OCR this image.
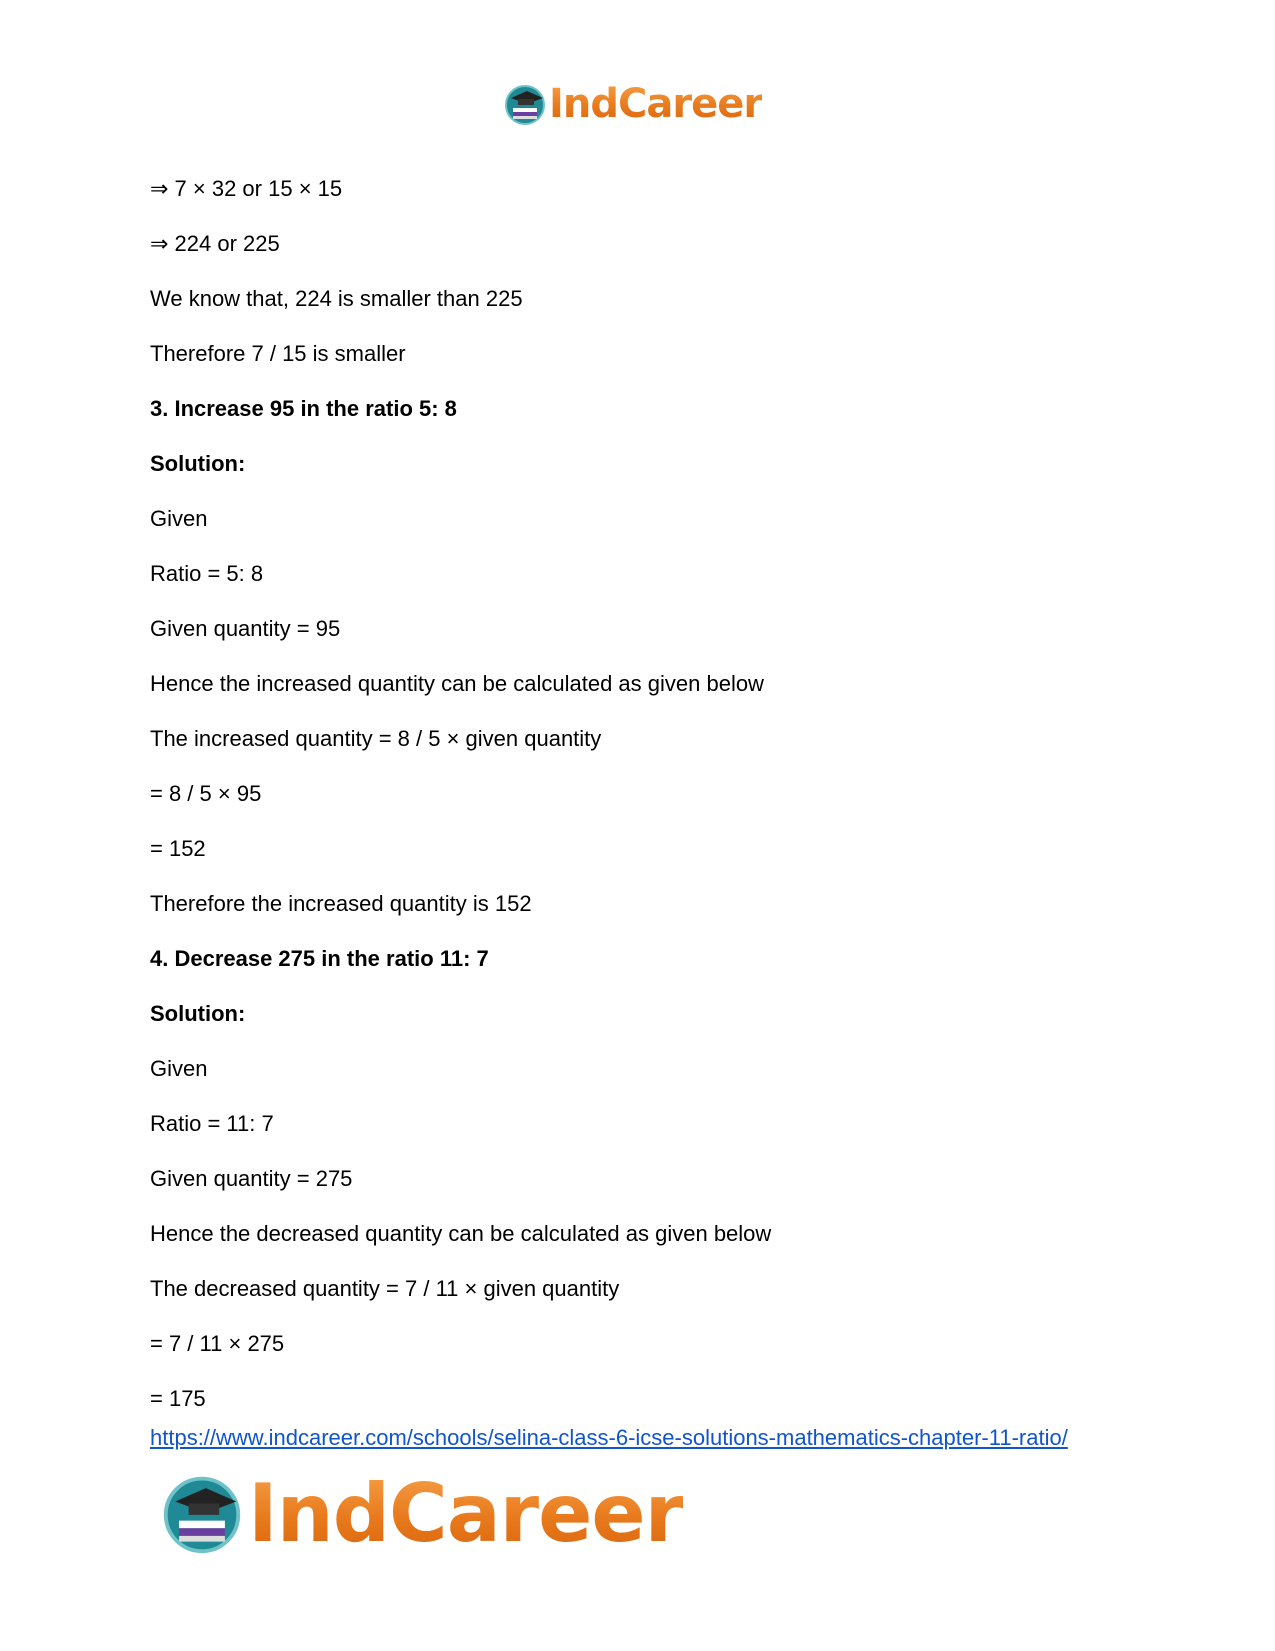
IndCareer
⇒ 7 × 32 or 15 × 15
⇒ 224 or 225
We know that, 224 is smaller than 225
Therefore 7 / 15 is smaller
3. Increase 95 in the ratio 5: 8
Solution:
Given
Ratio = 5: 8
Given quantity = 95
Hence the increased quantity can be calculated as given below
The increased quantity = 8 / 5 × given quantity
= 8 / 5 × 95
= 152
Therefore the increased quantity is 152
4. Decrease 275 in the ratio 11: 7
Solution:
Given
Ratio = 11: 7
Given quantity = 275
Hence the decreased quantity can be calculated as given below
The decreased quantity = 7 / 11 × given quantity
= 7 / 11 × 275
= 175
https://www.indcareer.com/schools/selina-class-6-icse-solutions-mathematics-chapter-11-ratio/
IndCareer
